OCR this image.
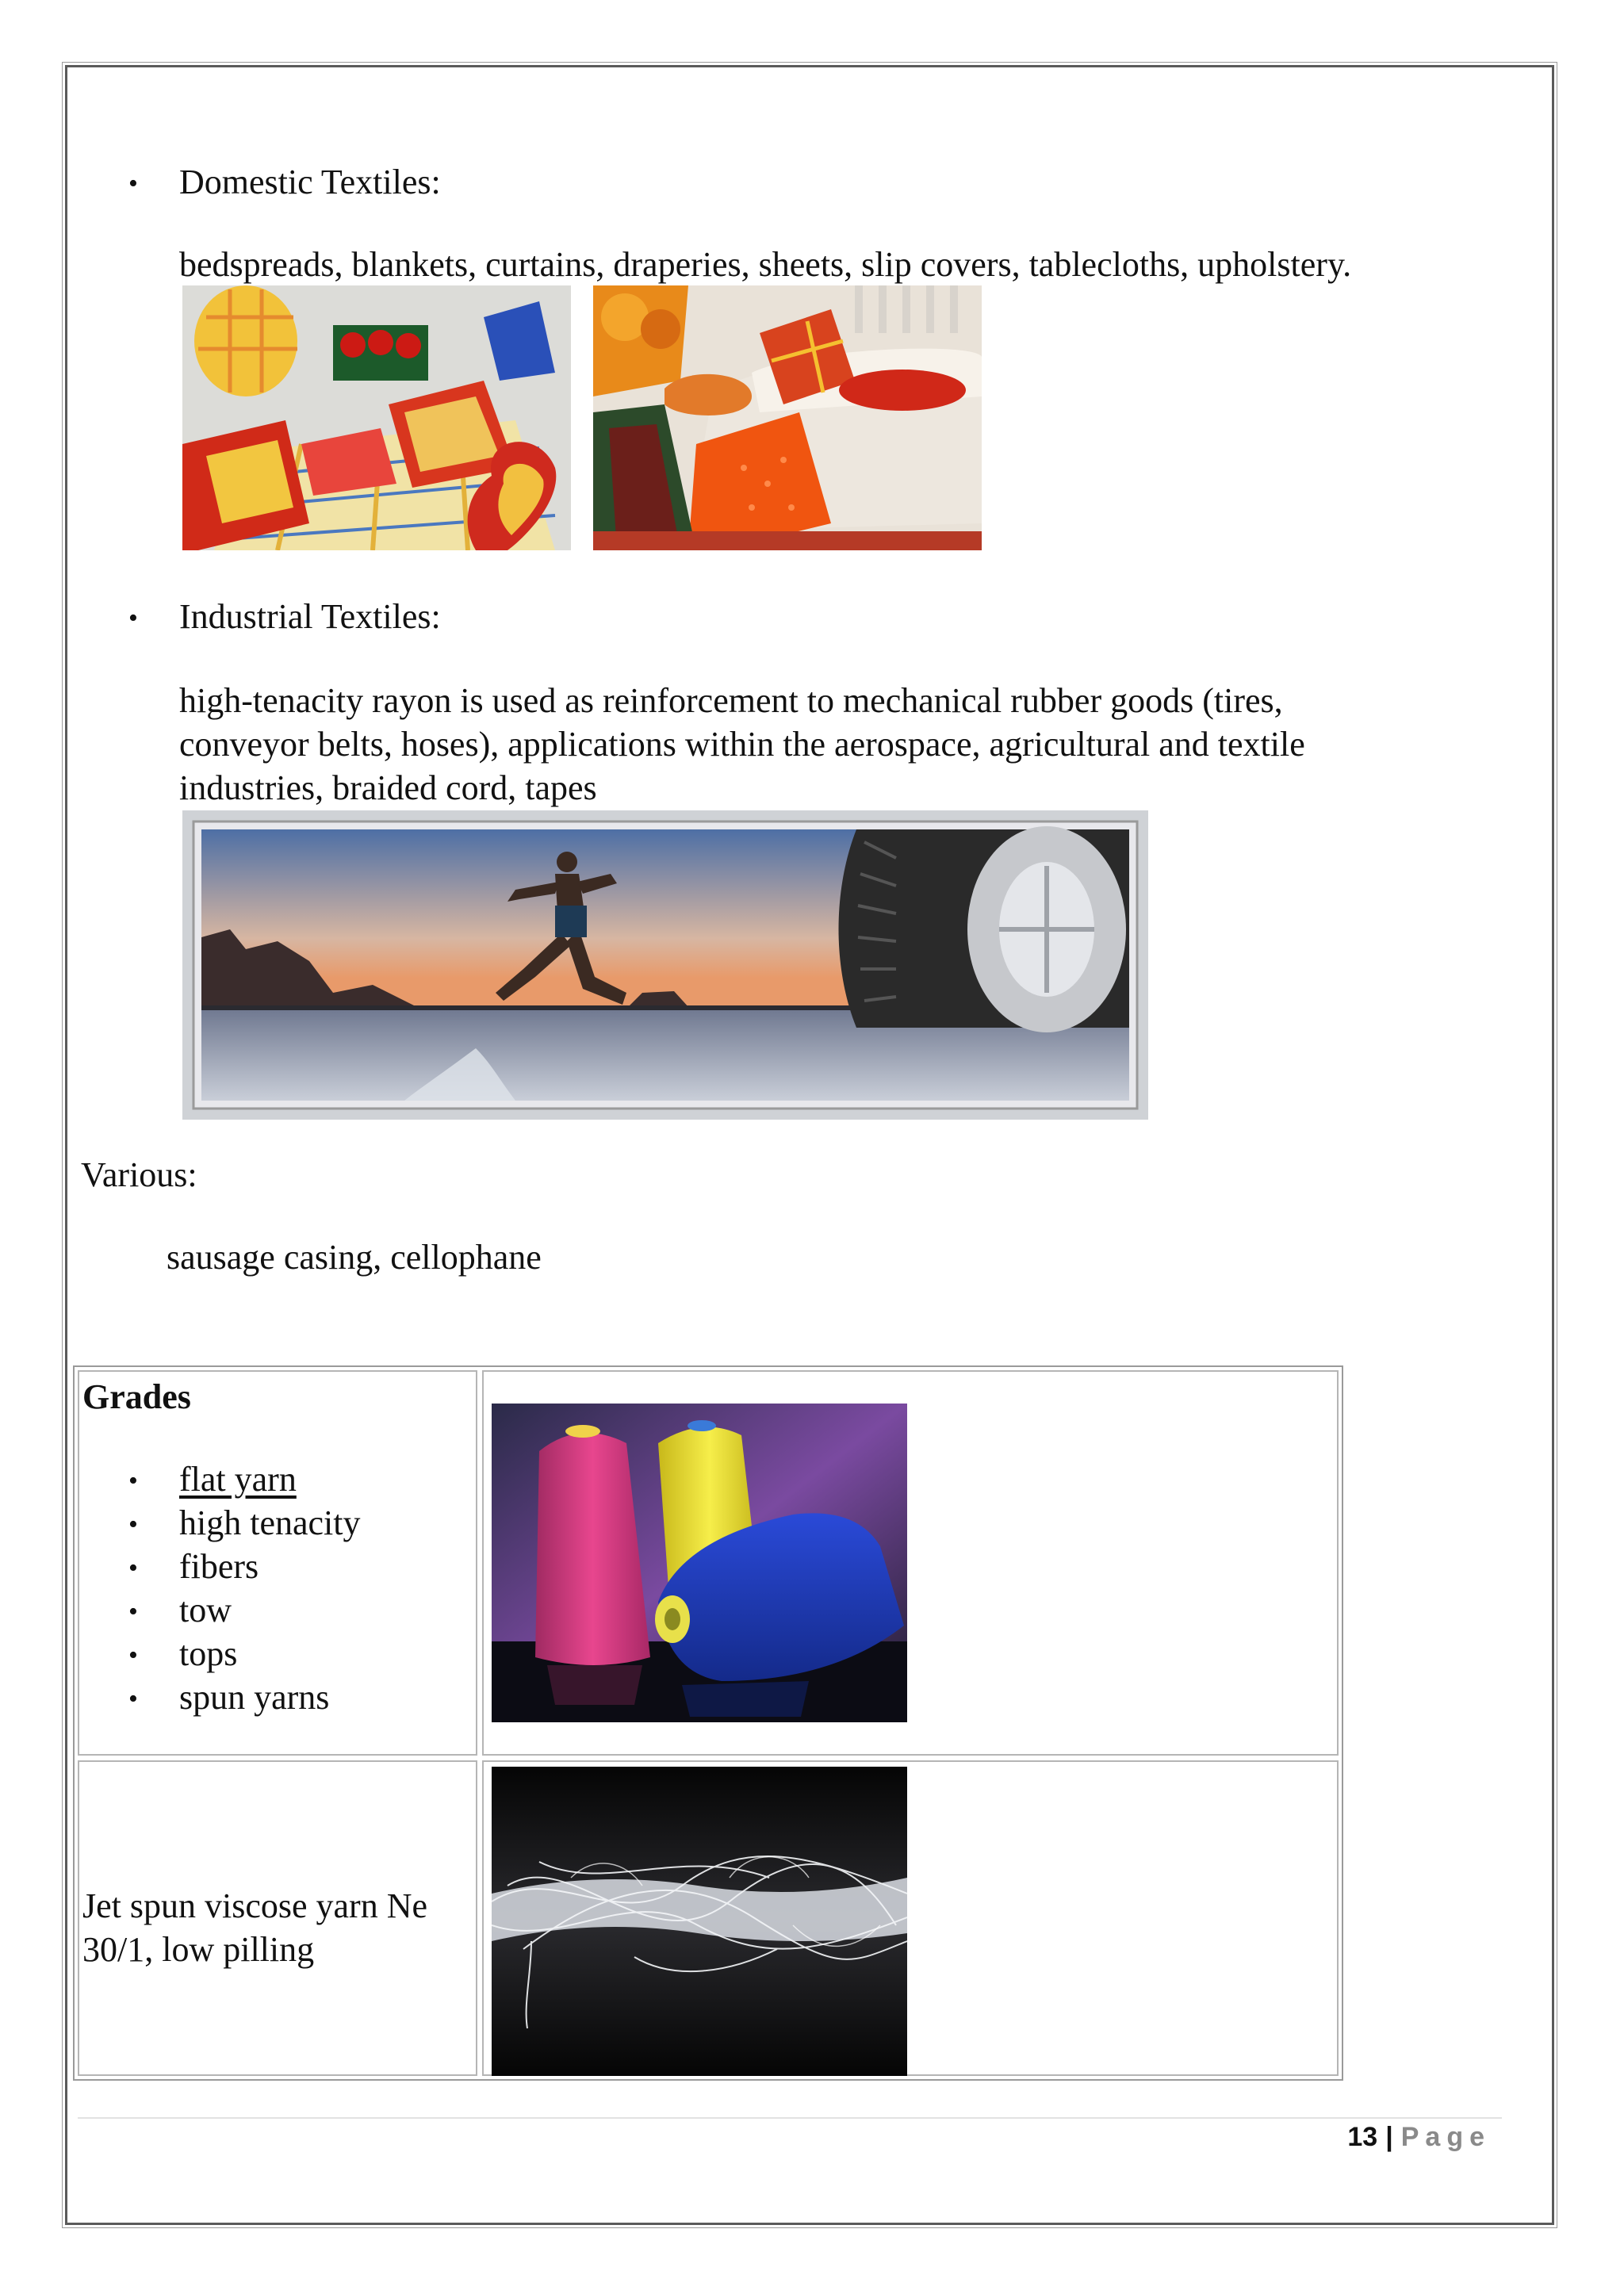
• Domestic Textiles:
bedspreads, blankets, curtains, draperies, sheets, slip covers, tablecloths, upholstery.
• Industrial Textiles:
high-tenacity rayon is used as reinforcement to mechanical rubber goods (tires,
conveyor belts, hoses), applications within the aerospace, agricultural and textile
industries, braided cord, tapes
Various:
sausage casing, cellophane
Grades
• flat yarn
• high tenacity
• fibers
• tow
• tops
• spun yarns
Jet spun viscose yarn Ne
30/1, low pilling
13 | Page
